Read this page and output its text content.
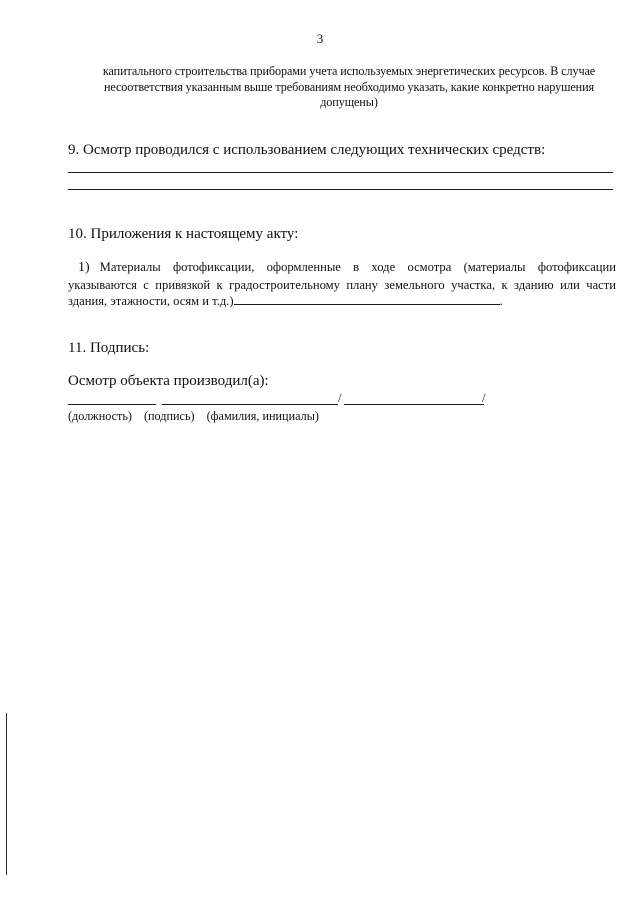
3
капитального строительства приборами учета используемых энергетических ресурсов. В случае несоответствия указанным выше требованиям необходимо указать, какие конкретно нарушения допущены)
9. Осмотр проводился с использованием следующих технических средств:
10. Приложения к настоящему акту:
1) Материалы фотофиксации, оформленные в ходе осмотра (материалы фотофиксации указываются с привязкой к градостроительному плану земельного участка, к зданию или части здания, этажности, осям и т.д.)	.
11. Подпись:
Осмотр объекта производил(а):
/	/
(должность) (подпись) (фамилия, инициалы)
